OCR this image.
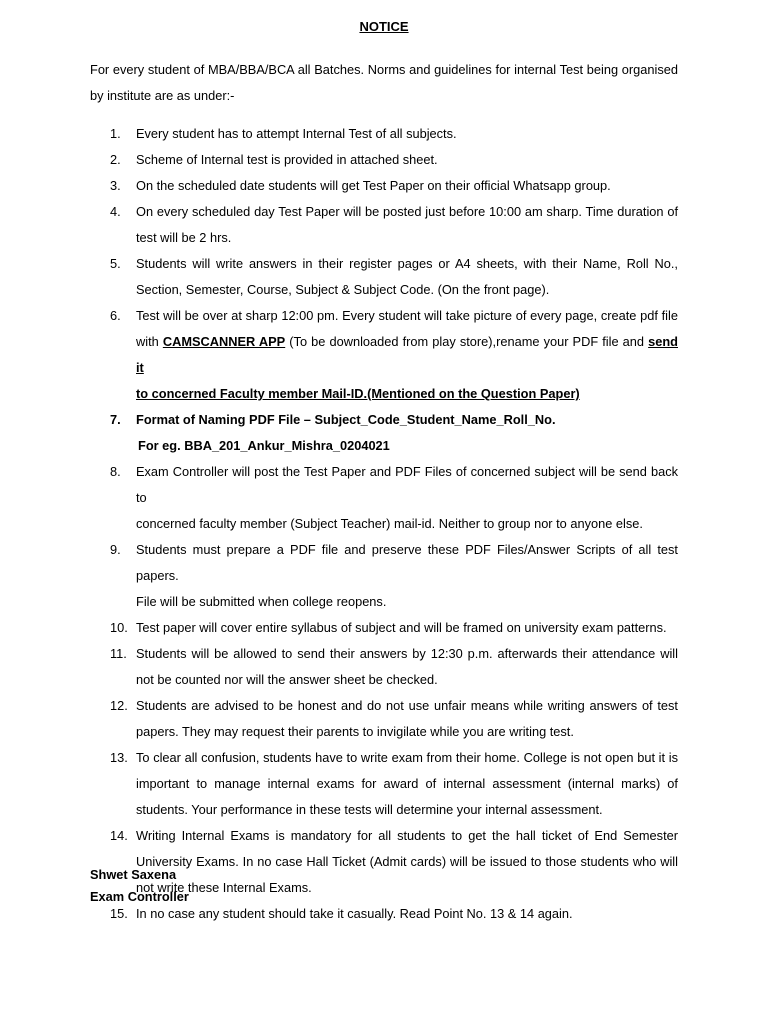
NOTICE
For every student of MBA/BBA/BCA all Batches. Norms and guidelines for internal Test being organised
by institute are as under:-
1.	Every student has to attempt Internal Test of all subjects.
2.	Scheme of Internal test is provided in attached sheet.
3.	On the scheduled date students will get Test Paper on their official Whatsapp group.
4.	On every scheduled day Test Paper will be posted just before 10:00 am sharp. Time duration of
test will be 2 hrs.
5.	Students will write answers in their register pages or A4 sheets, with their Name, Roll No.,
Section, Semester, Course, Subject & Subject Code. (On the front page).
6.	Test will be over at sharp 12:00 pm. Every student will take picture of every page, create pdf file
with CAMSCANNER APP (To be downloaded from play store),rename your PDF file and send it
to concerned Faculty member Mail-ID.(Mentioned on the Question Paper)
7.	Format of Naming PDF File – Subject_Code_Student_Name_Roll_No.
For eg. BBA_201_Ankur_Mishra_0204021
8.	Exam Controller will post the Test Paper and PDF Files of concerned subject will be send back to
concerned faculty member (Subject Teacher) mail-id. Neither to group nor to anyone else.
9.	Students must prepare a PDF file and preserve these PDF Files/Answer Scripts of all test papers.
File will be submitted when college reopens.
10. Test paper will cover entire syllabus of subject and will be framed on university exam patterns.
11. Students will be allowed to send their answers by 12:30 p.m. afterwards their attendance will
not be counted nor will the answer sheet be checked.
12. Students are advised to be honest and do not use unfair means while writing answers of test
papers. They may request their parents to invigilate while you are writing test.
13. To clear all confusion, students have to write exam from their home. College is not open but it is
important to manage internal exams for award of internal assessment (internal marks) of
students. Your performance in these tests will determine your internal assessment.
14. Writing Internal Exams is mandatory for all students to get the hall ticket of End Semester
University Exams. In no case Hall Ticket (Admit cards) will be issued to those students who will
not write these Internal Exams.
15. In no case any student should take it casually. Read Point No. 13 & 14 again.
Shwet Saxena
Exam Controller
